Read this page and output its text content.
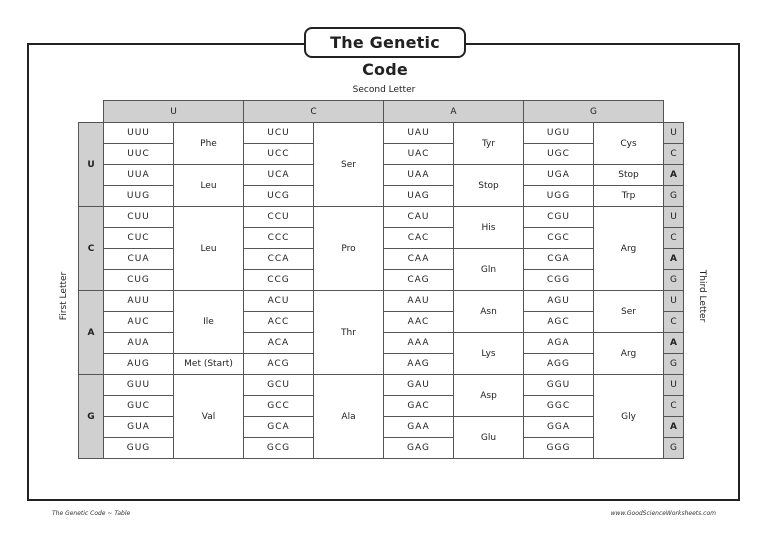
The Genetic Code
Second Letter
First Letter	Third Letter
	U		C		A		G		
U	UUU	Phe	UCU	Ser	UAU	Tyr	UGU	Cys	U
	UUC		UCC		UAC		UGC		C
	UUA	Leu	UCA		UAA	Stop	UGA	Stop	A
	UUG		UCG		UAG		UGG	Trp	G
C	CUU	Leu	CCU	Pro	CAU	His	CGU	Arg	U
	CUC		CCC		CAC		CGC		C
	CUA		CCA		CAA	Gln	CGA		A
	CUG		CCG		CAG		CGG		G
A	AUU	Ile	ACU	Thr	AAU	Asn	AGU	Ser	U
	AUC		ACC		AAC		AGC		C
	AUA		ACA		AAA	Lys	AGA	Arg	A
	AUG	Met (Start)	ACG		AAG		AGG		G
G	GUU	Val	GCU	Ala	GAU	Asp	GGU	Gly	U
	GUC		GCC		GAC		GGC		C
	GUA		GCA		GAA	Glu	GGA		A
	GUG		GCG		GAG		GGG		G
The Genetic Code ~ Table	www.GoodScienceWorksheets.com
